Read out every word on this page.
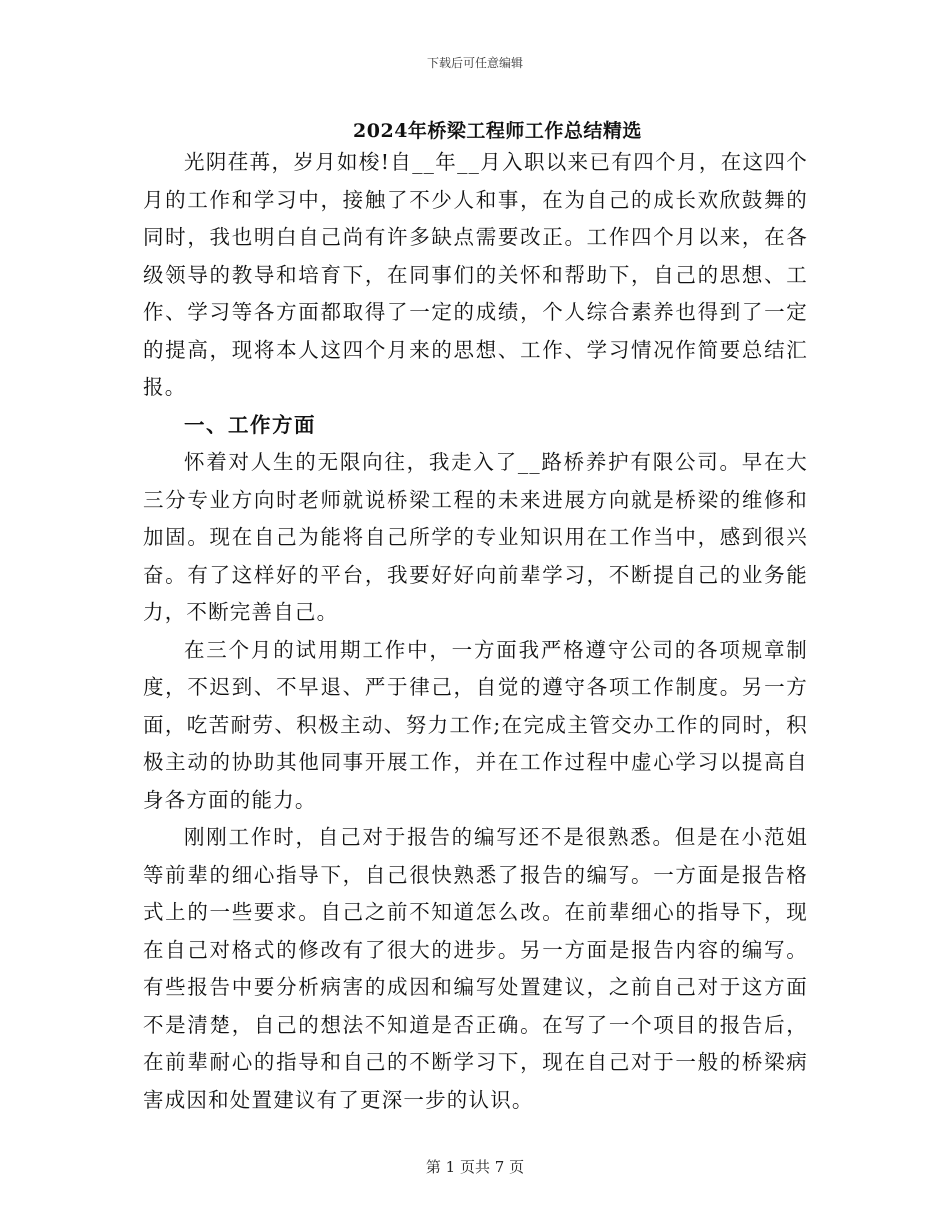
下载后可任意编辑
2024年桥梁工程师工作总结精选

光阴荏苒，岁月如梭!自__年__月入职以来已有四个月，在这四个月的工作和学习中，接触了不少人和事，在为自己的成长欢欣鼓舞的同时，我也明白自己尚有许多缺点需要改正。工作四个月以来，在各级领导的教导和培育下，在同事们的关怀和帮助下，自己的思想、工作、学习等各方面都取得了一定的成绩，个人综合素养也得到了一定的提高，现将本人这四个月来的思想、工作、学习情况作简要总结汇报。

一、工作方面

怀着对人生的无限向往，我走入了__路桥养护有限公司。早在大三分专业方向时老师就说桥梁工程的未来进展方向就是桥梁的维修和加固。现在自己为能将自己所学的专业知识用在工作当中，感到很兴奋。有了这样好的平台，我要好好向前辈学习，不断提自己的业务能力，不断完善自己。

在三个月的试用期工作中，一方面我严格遵守公司的各项规章制度，不迟到、不早退、严于律己，自觉的遵守各项工作制度。另一方面，吃苦耐劳、积极主动、努力工作;在完成主管交办工作的同时，积极主动的协助其他同事开展工作，并在工作过程中虚心学习以提高自身各方面的能力。

刚刚工作时，自己对于报告的编写还不是很熟悉。但是在小范姐等前辈的细心指导下，自己很快熟悉了报告的编写。一方面是报告格式上的一些要求。自己之前不知道怎么改。在前辈细心的指导下，现在自己对格式的修改有了很大的进步。另一方面是报告内容的编写。有些报告中要分析病害的成因和编写处置建议，之前自己对于这方面不是清楚，自己的想法不知道是否正确。在写了一个项目的报告后，在前辈耐心的指导和自己的不断学习下，现在自己对于一般的桥梁病害成因和处置建议有了更深一步的认识。

第 1 页共 7 页
